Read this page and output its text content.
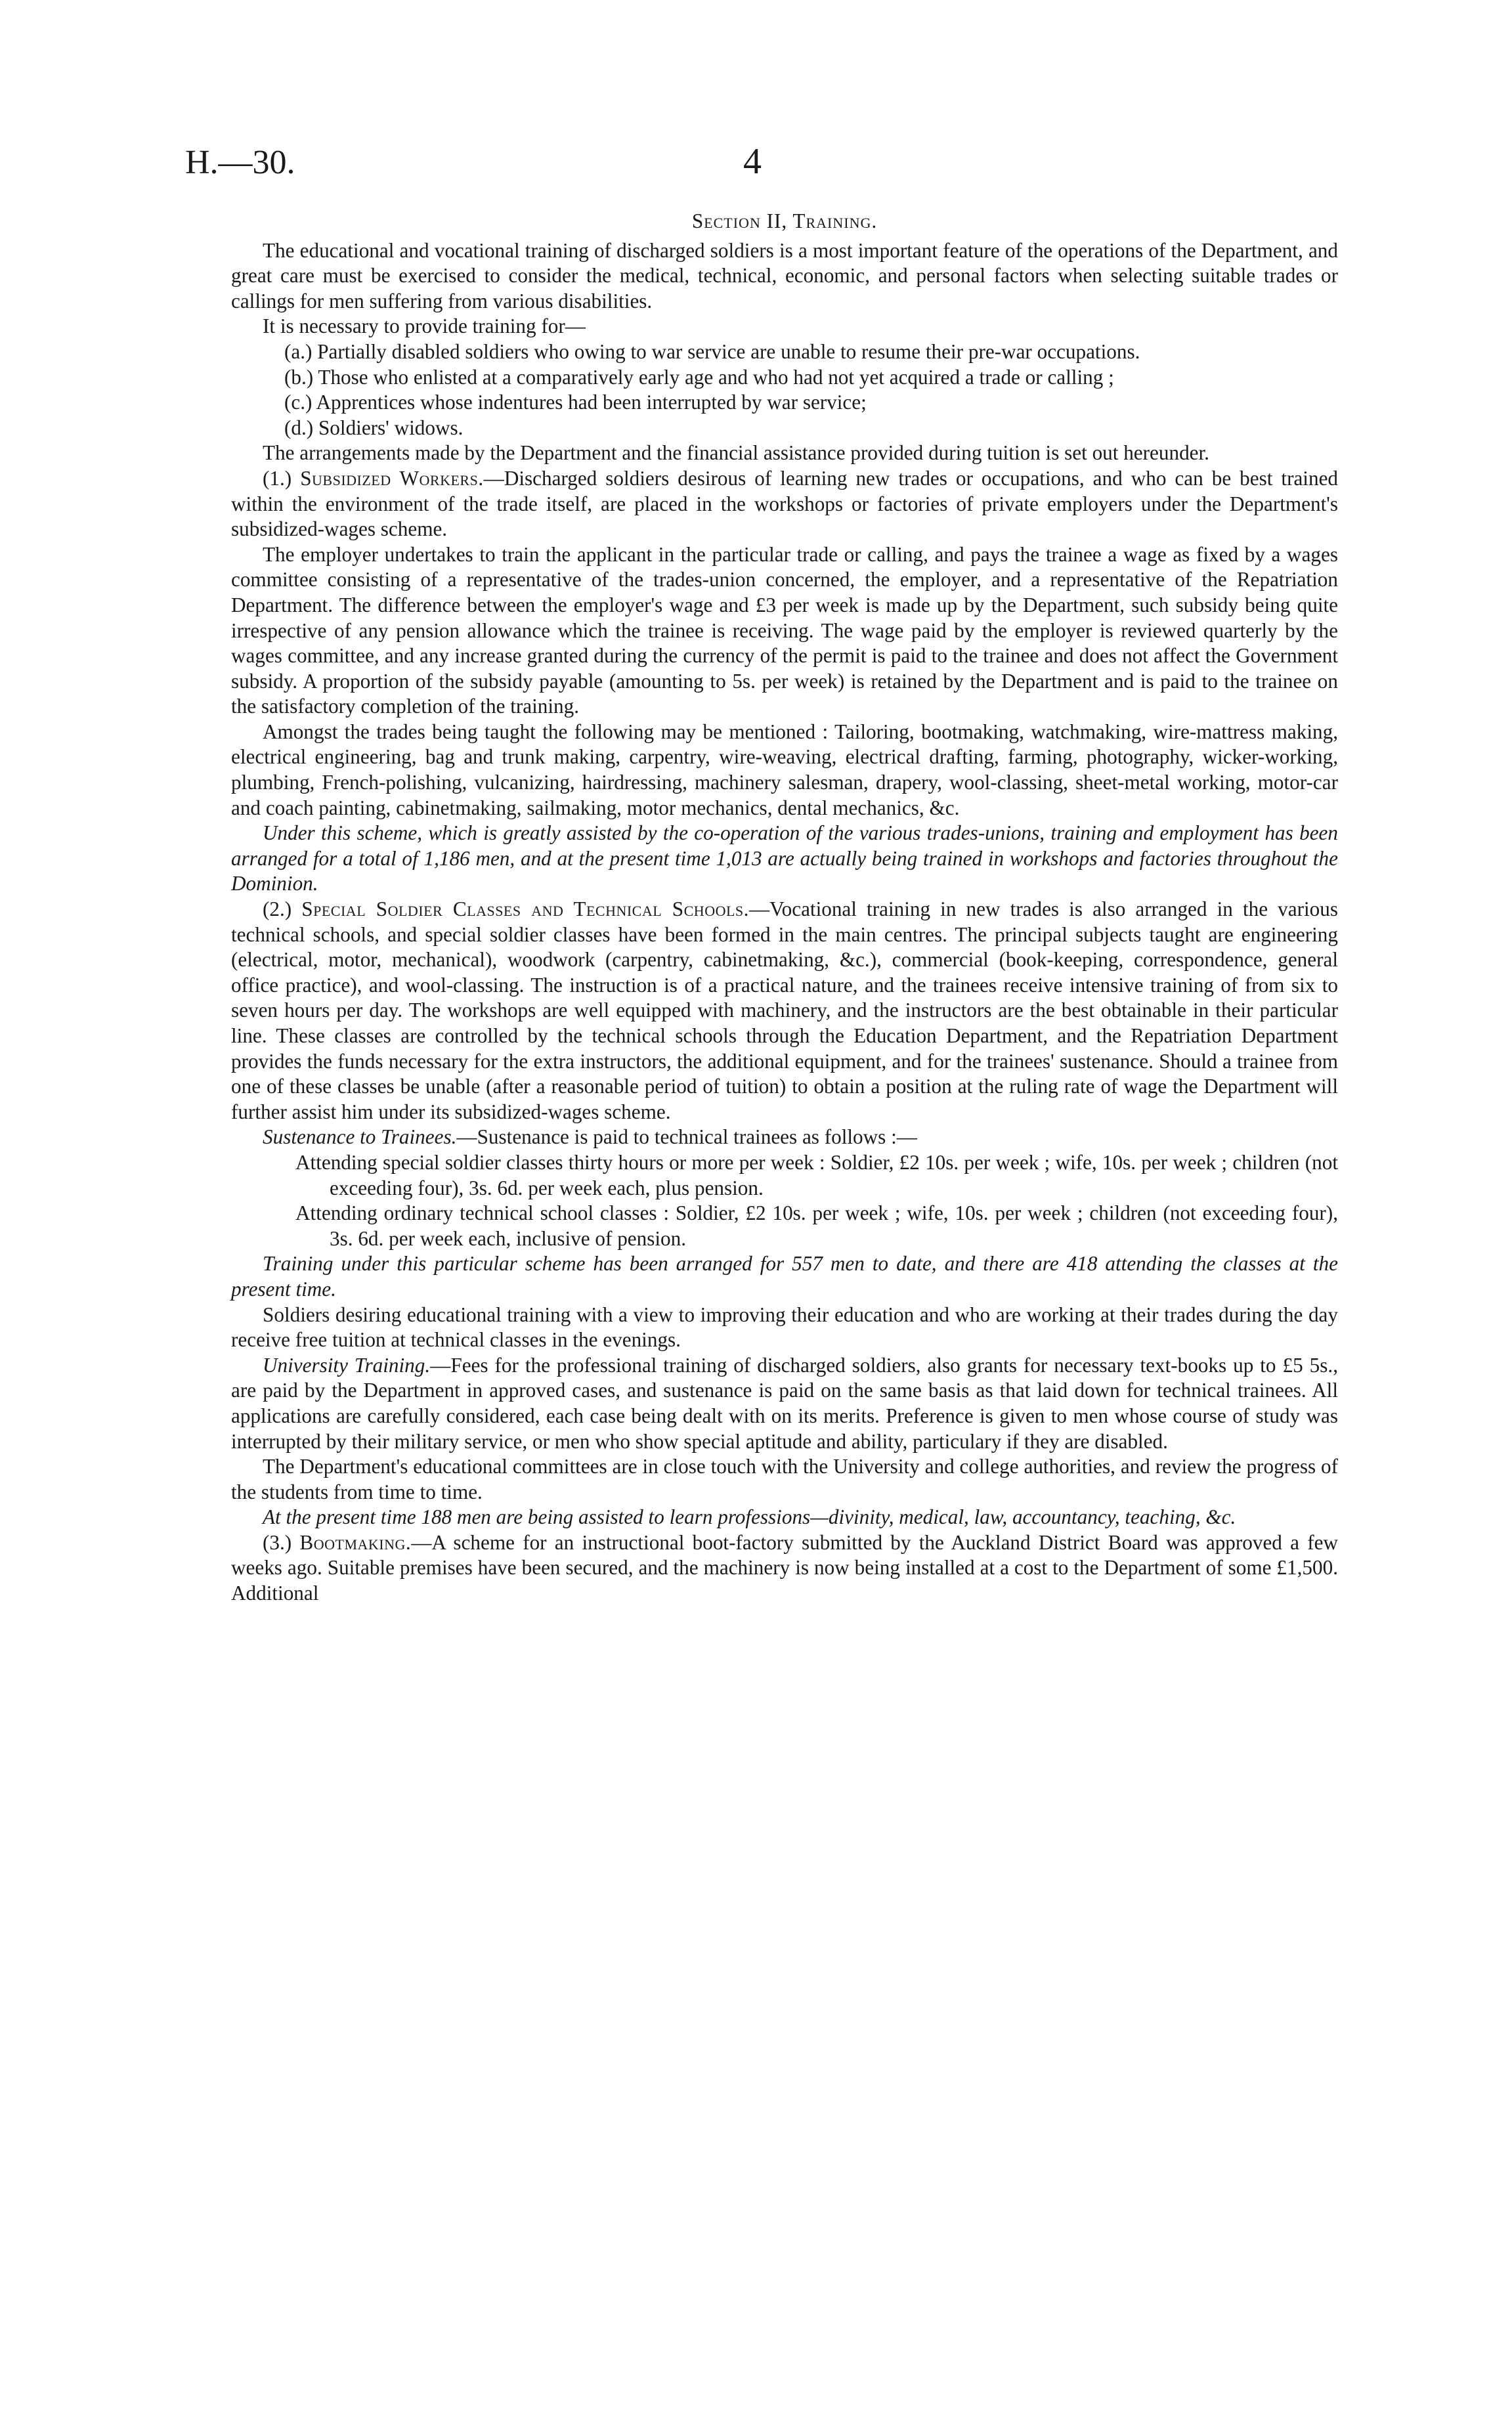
H.—30.	4

Section II, Training.

The educational and vocational training of discharged soldiers is a most important feature of the operations of the Department, and great care must be exercised to consider the medical, technical, economic, and personal factors when selecting suitable trades or callings for men suffering from various disabilities.

It is necessary to provide training for—

(a.) Partially disabled soldiers who owing to war service are unable to resume their pre-war occupations.

(b.) Those who enlisted at a comparatively early age and who had not yet acquired a trade or calling ;

(c.) Apprentices whose indentures had been interrupted by war service;

(d.) Soldiers' widows.

The arrangements made by the Department and the financial assistance provided during tuition is set out hereunder.

(1.) Subsidized Workers.—Discharged soldiers desirous of learning new trades or occupations, and who can be best trained within the environment of the trade itself, are placed in the workshops or factories of private employers under the Department's subsidized-wages scheme.

The employer undertakes to train the applicant in the particular trade or calling, and pays the trainee a wage as fixed by a wages committee consisting of a representative of the trades-union concerned, the employer, and a representative of the Repatriation Department. The difference between the employer's wage and £3 per week is made up by the Department, such subsidy being quite irrespective of any pension allowance which the trainee is receiving. The wage paid by the employer is reviewed quarterly by the wages committee, and any increase granted during the currency of the permit is paid to the trainee and does not affect the Government subsidy. A proportion of the subsidy payable (amounting to 5s. per week) is retained by the Department and is paid to the trainee on the satisfactory completion of the training.

Amongst the trades being taught the following may be mentioned : Tailoring, bootmaking, watchmaking, wire-mattress making, electrical engineering, bag and trunk making, carpentry, wire-weaving, electrical drafting, farming, photography, wicker-working, plumbing, French-polishing, vulcanizing, hairdressing, machinery salesman, drapery, wool-classing, sheet-metal working, motor-car and coach painting, cabinetmaking, sailmaking, motor mechanics, dental mechanics, &c.

Under this scheme, which is greatly assisted by the co-operation of the various trades-unions, training and employment has been arranged for a total of 1,186 men, and at the present time 1,013 are actually being trained in workshops and factories throughout the Dominion.

(2.) Special Soldier Classes and Technical Schools.—Vocational training in new trades is also arranged in the various technical schools, and special soldier classes have been formed in the main centres. The principal subjects taught are engineering (electrical, motor, mechanical), woodwork (carpentry, cabinetmaking, &c.), commercial (book-keeping, correspondence, general office practice), and wool-classing. The instruction is of a practical nature, and the trainees receive intensive training of from six to seven hours per day. The workshops are well equipped with machinery, and the instructors are the best obtainable in their particular line. These classes are controlled by the technical schools through the Education Department, and the Repatriation Department provides the funds necessary for the extra instructors, the additional equipment, and for the trainees' sustenance. Should a trainee from one of these classes be unable (after a reasonable period of tuition) to obtain a position at the ruling rate of wage the Department will further assist him under its subsidized-wages scheme.

Sustenance to Trainees.—Sustenance is paid to technical trainees as follows :—

Attending special soldier classes thirty hours or more per week : Soldier, £2 10s. per week ; wife, 10s. per week ; children (not exceeding four), 3s. 6d. per week each, plus pension.

Attending ordinary technical school classes : Soldier, £2 10s. per week ; wife, 10s. per week ; children (not exceeding four), 3s. 6d. per week each, inclusive of pension.

Training under this particular scheme has been arranged for 557 men to date, and there are 418 attending the classes at the present time.

Soldiers desiring educational training with a view to improving their education and who are working at their trades during the day receive free tuition at technical classes in the evenings.

University Training.—Fees for the professional training of discharged soldiers, also grants for necessary text-books up to £5 5s., are paid by the Department in approved cases, and sustenance is paid on the same basis as that laid down for technical trainees. All applications are carefully considered, each case being dealt with on its merits. Preference is given to men whose course of study was interrupted by their military service, or men who show special aptitude and ability, particulary if they are disabled.

The Department's educational committees are in close touch with the University and college authorities, and review the progress of the students from time to time.

At the present time 188 men are being assisted to learn professions—divinity, medical, law, accountancy, teaching, &c.

(3.) Bootmaking.—A scheme for an instructional boot-factory submitted by the Auckland District Board was approved a few weeks ago. Suitable premises have been secured, and the machinery is now being installed at a cost to the Department of some £1,500. Additional
